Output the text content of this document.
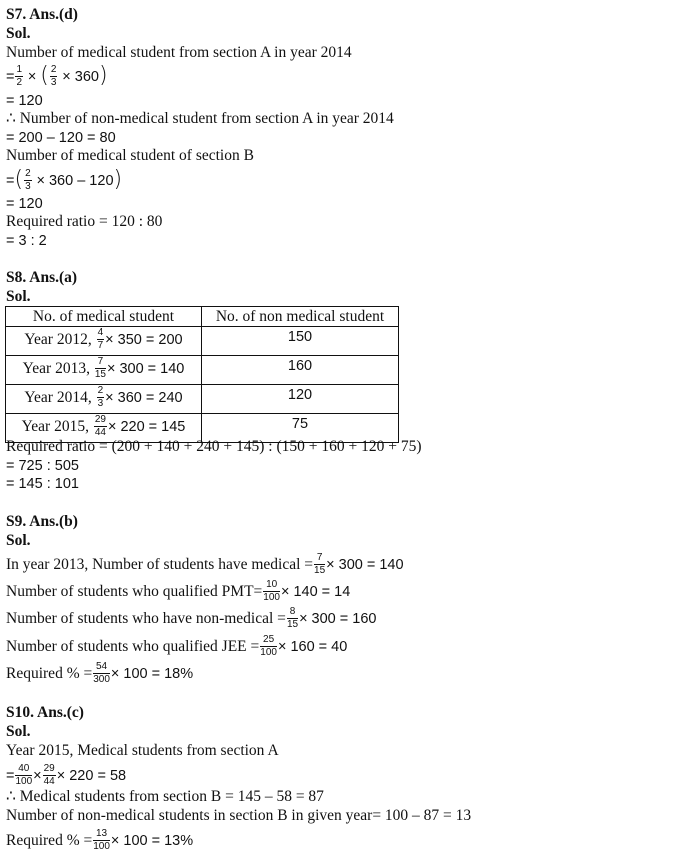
S7. Ans.(d)
Sol.
Number of medical student from section A in year 2014
= $\frac{1}{2}$ × ( $\frac{2}{3} \times 360$)
= 120
∴ Number of non-medical student from section A in year 2014
= 200 – 120 = 80
Number of medical student of section B
=( $\frac{2}{3} \times 360 - 120$)
= 120
Required ratio = 120 : 80
= 3 : 2
S8. Ans.(a)
Sol.
No. of medical student	No. of non medical student
Year 2012, $\frac{4}{7} \times 350 = 200$	150
Year 2013, $\frac{7}{15} \times 300 = 140$	160
Year 2014, $\frac{2}{3} \times 360 = 240$	120
Year 2015, $\frac{29}{44} \times 220 = 145$	75
Required ratio = (200 + 140 + 240 + 145) : (150 + 160 + 120 + 75)
= 725 : 505
= 145 : 101
S9. Ans.(b)
Sol.
In year 2013, Number of students have medical = $\frac{7}{15} \times 300 = 140$
Number of students who qualified $PMT= \frac{10}{100} \times 140 = 14$
Number of students who have non-medical = $\frac{8}{15} \times 300 = 160$
Number of students who qualified JEE = $\frac{25}{100} \times 160 = 40$
Required % = $\frac{54}{300} \times 100 = 18\%$
S10. Ans.(c)
Sol.
Year 2015, Medical students from section A
= $\frac{40}{100} \times \frac{29}{44} \times 220 = 58$
∴ Medical students from section B = 145 – 58 = 87
Number of non-medical students in section B in given year= 100 – 87 = 13
Required % = $\frac{13}{100} \times 100 = 13\%$
